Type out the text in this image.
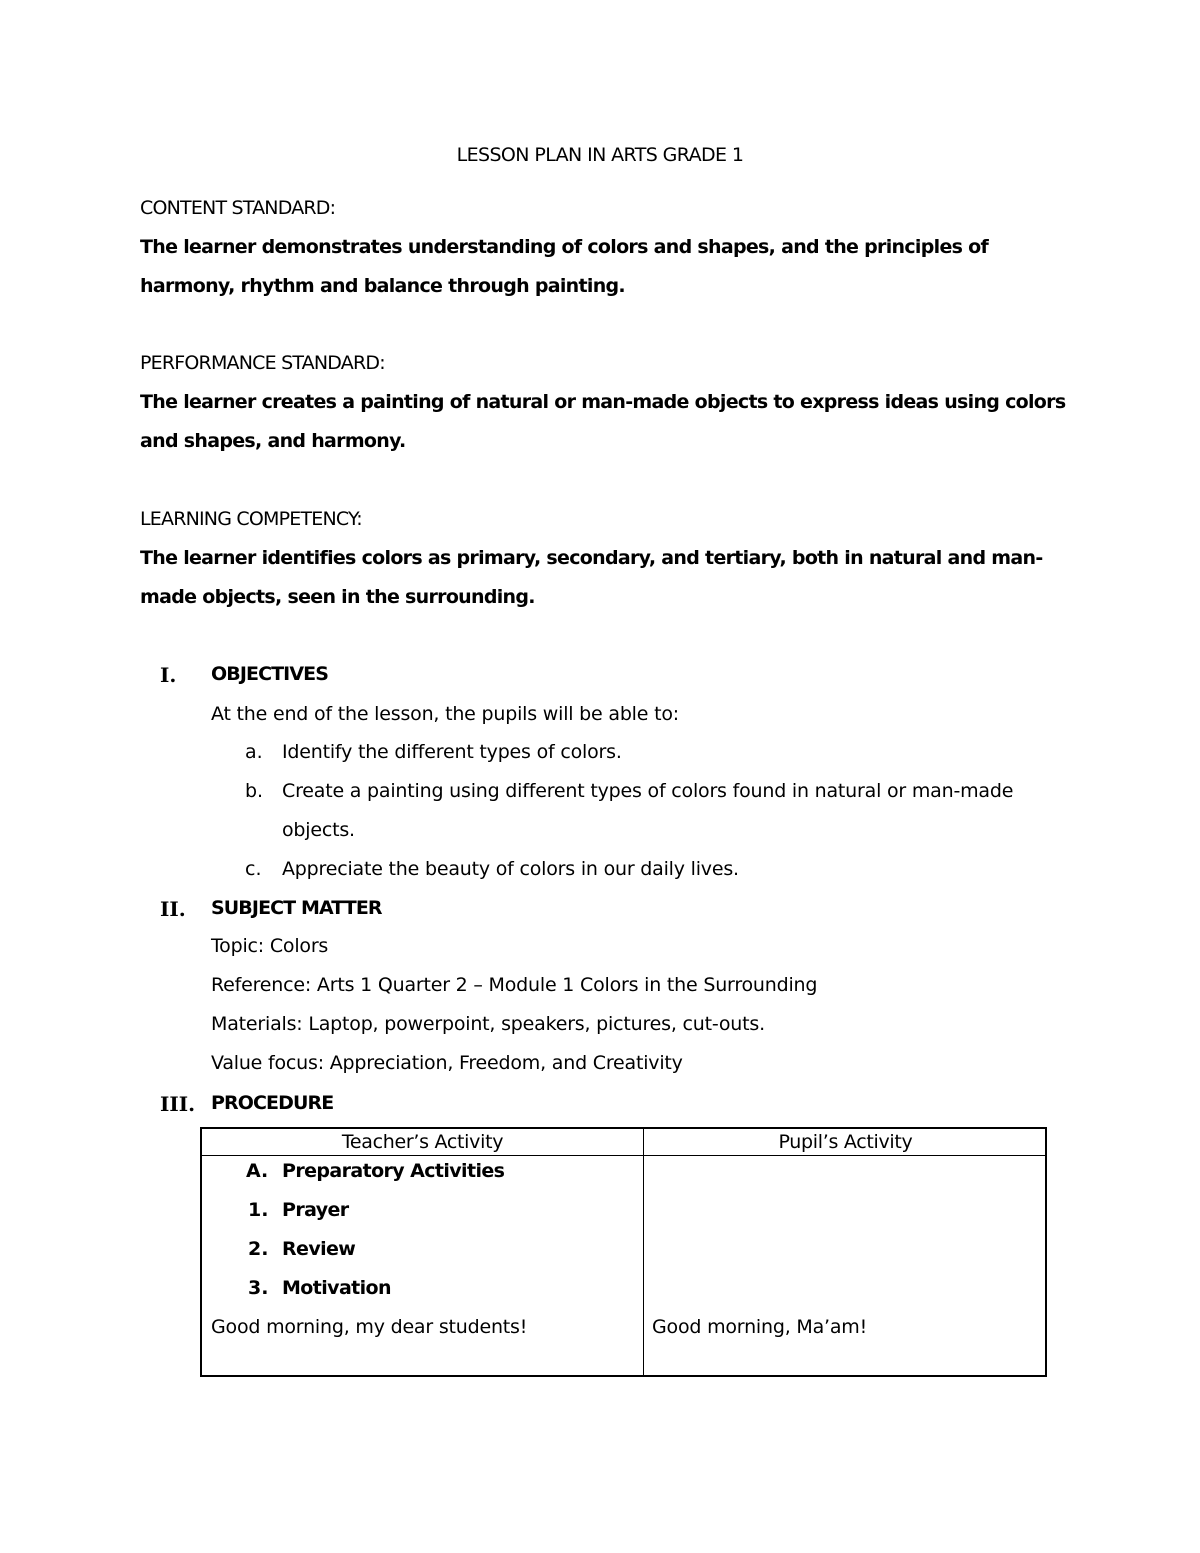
LESSON PLAN IN ARTS GRADE 1
CONTENT STANDARD:
The learner demonstrates understanding of colors and shapes, and the principles of harmony, rhythm and balance through painting.
PERFORMANCE STANDARD:
The learner creates a painting of natural or man-made objects to express ideas using colors and shapes, and harmony.
LEARNING COMPETENCY:
The learner identifies colors as primary, secondary, and tertiary, both in natural and man-made objects, seen in the surrounding.
I. OBJECTIVES
At the end of the lesson, the pupils will be able to:
a. Identify the different types of colors.
b. Create a painting using different types of colors found in natural or man-made
objects.
c. Appreciate the beauty of colors in our daily lives.
II. SUBJECT MATTER
Topic: Colors
Reference: Arts 1 Quarter 2 – Module 1 Colors in the Surrounding
Materials: Laptop, powerpoint, speakers, pictures, cut-outs.
Value focus: Appreciation, Freedom, and Creativity
III. PROCEDURE
Teacher’s Activity	Pupil’s Activity
A. Preparatory Activities
1. Prayer
2. Review
3. Motivation
Good morning, my dear students!	Good morning, Ma’am!
